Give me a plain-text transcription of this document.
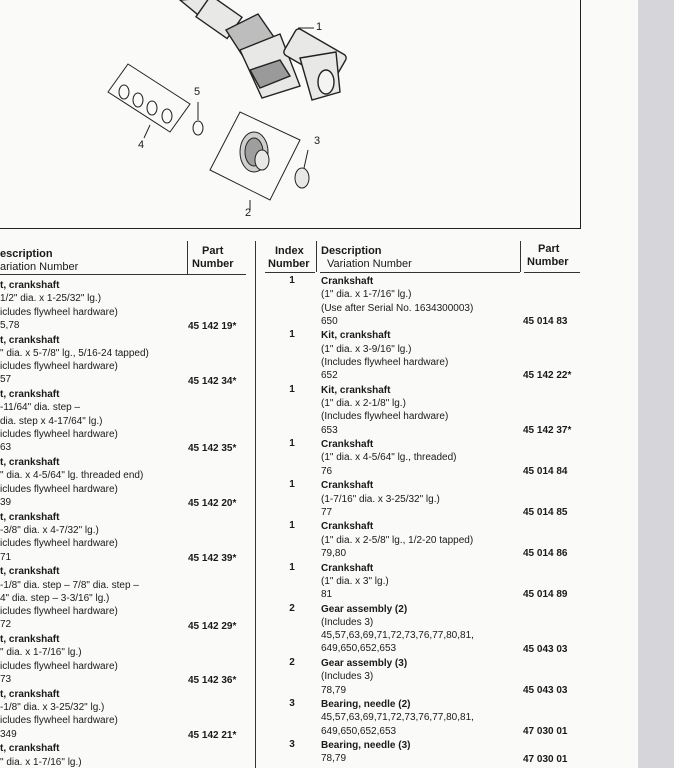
1
2
3
4
5
escription
ariation Number
Part
Number
t, crankshaft
1/2" dia. x 1-25/32" lg.)
icludes flywheel hardware)
5,78	45 142 19*
t, crankshaft
" dia. x 5-7/8" lg., 5/16-24 tapped)
icludes flywheel hardware)
57	45 142 34*
t, crankshaft
-11/64" dia. step –
dia. step x 4-17/64" lg.)
icludes flywheel hardware)
63	45 142 35*
t, crankshaft
" dia. x 4-5/64" lg. threaded end)
icludes flywheel hardware)
39	45 142 20*
t, crankshaft
-3/8" dia. x 4-7/32" lg.)
icludes flywheel hardware)
71	45 142 39*
t, crankshaft
-1/8" dia. step – 7/8" dia. step –
4" dia. step – 3-3/16" lg.)
icludes flywheel hardware)
72	45 142 29*
t, crankshaft
" dia. x 1-7/16" lg.)
icludes flywheel hardware)
73	45 142 36*
t, crankshaft
-1/8" dia. x 3-25/32" lg.)
icludes flywheel hardware)
349	45 142 21*
t, crankshaft
" dia. x 1-7/16" lg.)
Index
Number
Description
Variation Number
Part
Number
1	Crankshaft
(1" dia. x 1-7/16" lg.)
(Use after Serial No. 1634300003)
650	45 014 83
1	Kit, crankshaft
(1" dia. x 3-9/16" lg.)
(Includes flywheel hardware)
652	45 142 22*
1	Kit, crankshaft
(1" dia. x 2-1/8" lg.)
(Includes flywheel hardware)
653	45 142 37*
1	Crankshaft
(1" dia. x 4-5/64" lg., threaded)
76	45 014 84
1	Crankshaft
(1-7/16" dia. x 3-25/32" lg.)
77	45 014 85
1	Crankshaft
(1" dia. x 2-5/8" lg., 1/2-20 tapped)
79,80	45 014 86
1	Crankshaft
(1" dia. x 3" lg.)
81	45 014 89
2	Gear assembly (2)
(Includes 3)
45,57,63,69,71,72,73,76,77,80,81,
649,650,652,653	45 043 03
2	Gear assembly (3)
(Includes 3)
78,79	45 043 03
3	Bearing, needle (2)
45,57,63,69,71,72,73,76,77,80,81,
649,650,652,653	47 030 01
3	Bearing, needle (3)
78,79	47 030 01
